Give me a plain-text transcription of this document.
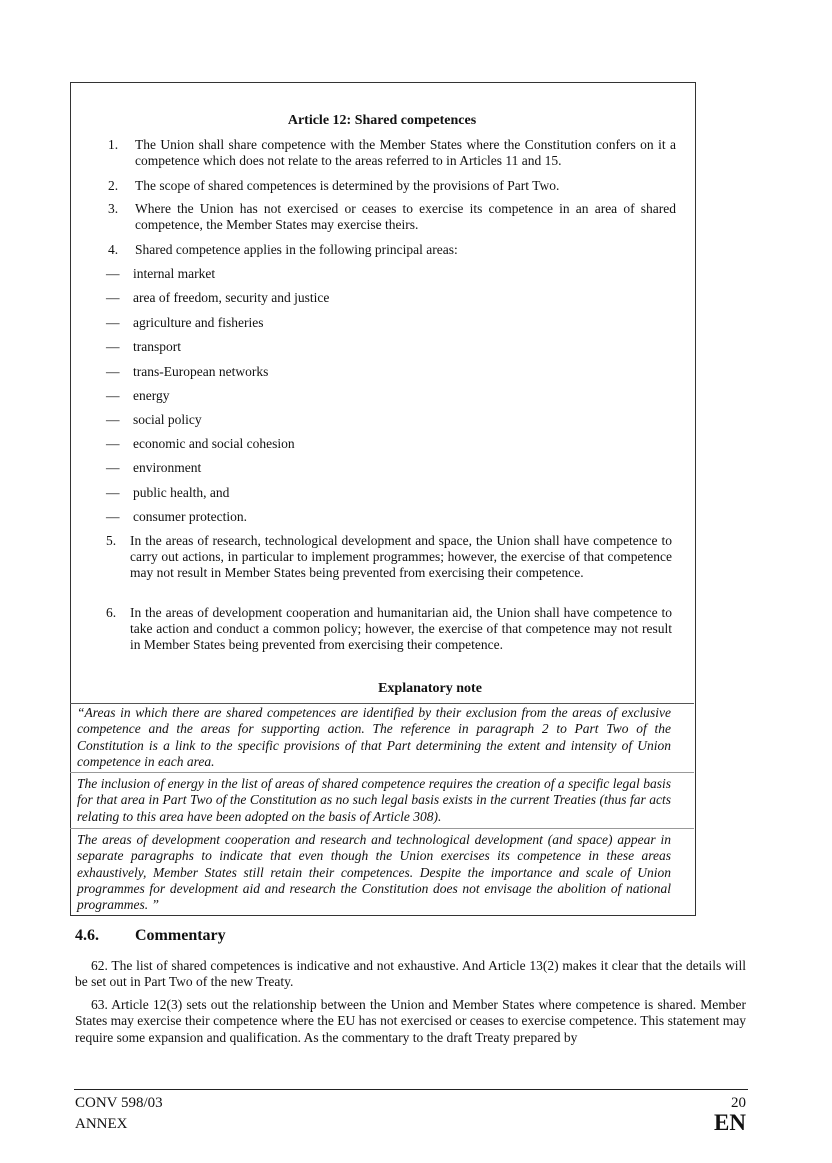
Article 12: Shared competences
1. The Union shall share competence with the Member States where the Constitution confers on it a competence which does not relate to the areas referred to in Articles 11 and 15.
2. The scope of shared competences is determined by the provisions of Part Two.
3. Where the Union has not exercised or ceases to exercise its competence in an area of shared competence, the Member States may exercise theirs.
4. Shared competence applies in the following principal areas:
— internal market
— area of freedom, security and justice
— agriculture and fisheries
— transport
— trans-European networks
— energy
— social policy
— economic and social cohesion
— environment
— public health, and
— consumer protection.
5. In the areas of research, technological development and space, the Union shall have competence to carry out actions, in particular to implement programmes; however, the exercise of that competence may not result in Member States being prevented from exercising their competence.
6. In the areas of development cooperation and humanitarian aid, the Union shall have competence to take action and conduct a common policy; however, the exercise of that competence may not result in Member States being prevented from exercising their competence.
Explanatory note
“Areas in which there are shared competences are identified by their exclusion from the areas of exclusive competence and the areas for supporting action. The reference in paragraph 2 to Part Two of the Constitution is a link to the specific provisions of that Part determining the extent and intensity of Union competence in each area.
The inclusion of energy in the list of areas of shared competence requires the creation of a specific legal basis for that area in Part Two of the Constitution as no such legal basis exists in the current Treaties (thus far acts relating to this area have been adopted on the basis of Article 308).
The areas of development cooperation and research and technological development (and space) appear in separate paragraphs to indicate that even though the Union exercises its competence in these areas exhaustively, Member States still retain their competences. Despite the importance and scale of Union programmes for development aid and research the Constitution does not envisage the abolition of national programmes. ”
4.6.	Commentary
62. The list of shared competences is indicative and not exhaustive. And Article 13(2) makes it clear that the details will be set out in Part Two of the new Treaty.
63. Article 12(3) sets out the relationship between the Union and Member States where competence is shared. Member States may exercise their competence where the EU has not exercised or ceases to exercise competence. This statement may require some expansion and qualification. As the commentary to the draft Treaty prepared by
CONV 598/03
ANNEX
20
EN
